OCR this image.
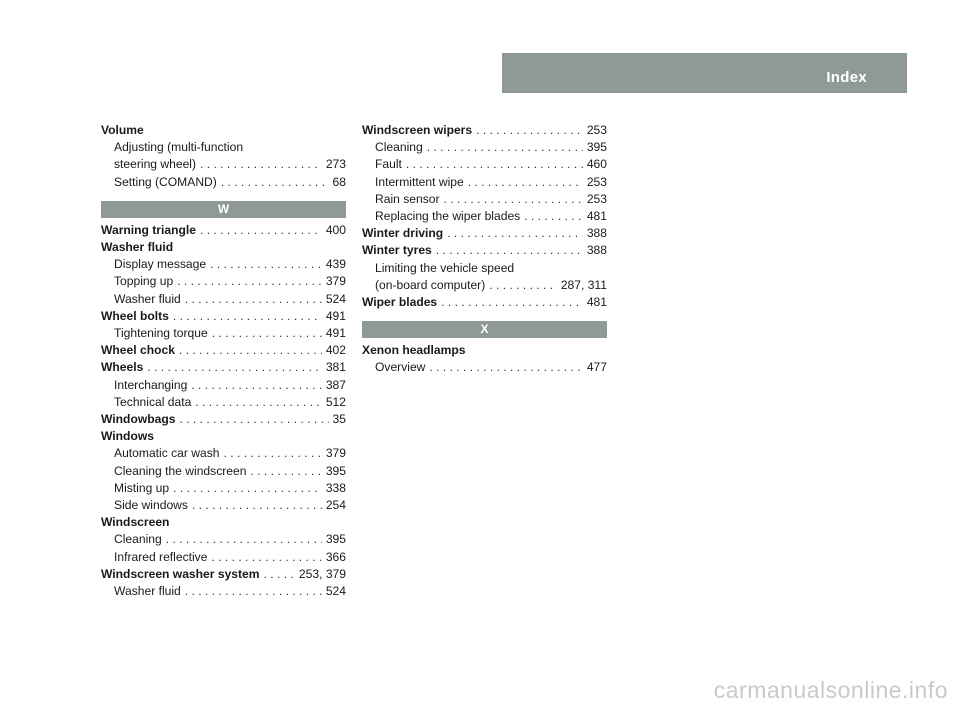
Index
Volume
Adjusting (multi-function
steering wheel) . . .	273
Setting (COMAND) . . .	68
W
Warning triangle . . .	400
Washer fluid
Display message . . .	439
Topping up . . .	379
Washer fluid . . .	524
Wheel bolts . . .	491
Tightening torque . . .	491
Wheel chock . . .	402
Wheels . . .	381
Interchanging . . .	387
Technical data . . .	512
Windowbags . . .	35
Windows
Automatic car wash . . .	379
Cleaning the windscreen . . .	395
Misting up . . .	338
Side windows . . .	254
Windscreen
Cleaning . . .	395
Infrared reflective . . .	366
Windscreen washer system . . .	253, 379
Washer fluid . . .	524
Windscreen wipers . . .	253
Cleaning . . .	395
Fault . . .	460
Intermittent wipe . . .	253
Rain sensor . . .	253
Replacing the wiper blades . . .	481
Winter driving . . .	388
Winter tyres . . .	388
Limiting the vehicle speed
(on-board computer) . . .	287, 311
Wiper blades . . .	481
X
Xenon headlamps
Overview . . .	477
carmanualsonline.info
